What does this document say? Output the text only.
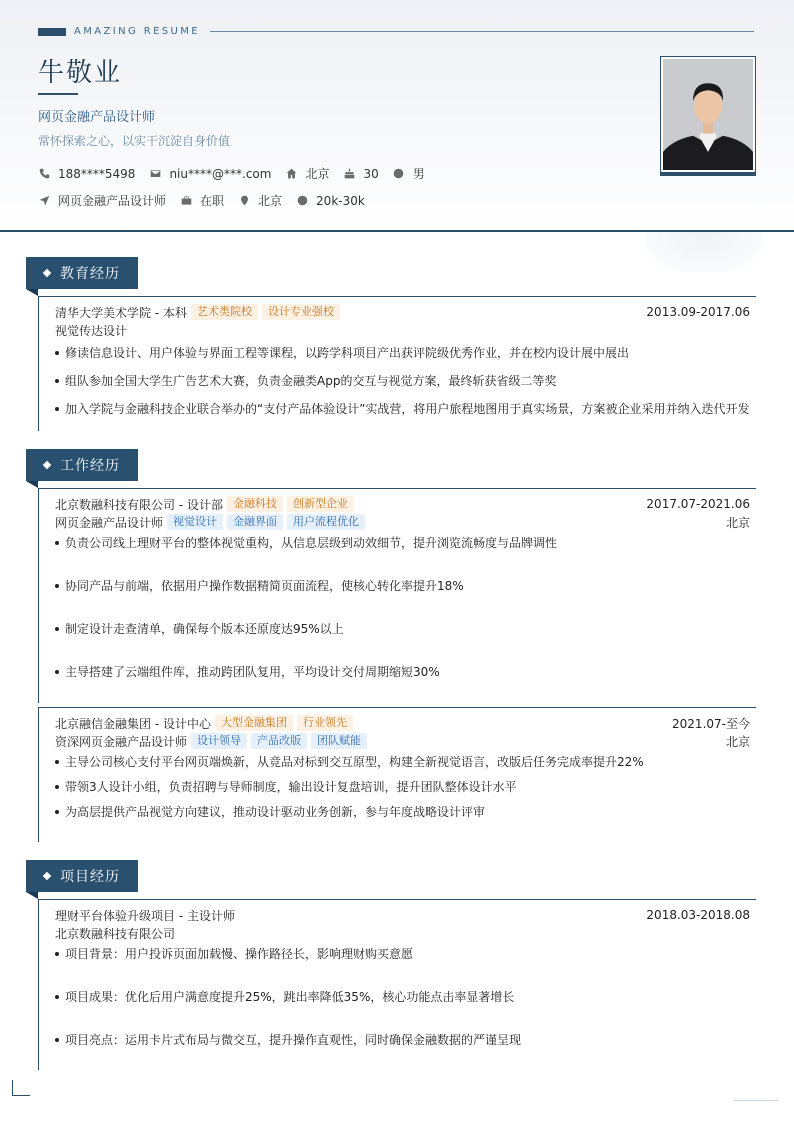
AMAZING RESUME
牛敬业
网页金融产品设计师
常怀探索之心，以实干沉淀自身价值
188****5498	niu****@***.com	北京	30	男
网页金融产品设计师	在职	北京	20k-30k
教育经历
清华大学美术学院 - 本科 艺术类院校	设计专业强校	2013.09-2017.06
视觉传达设计
修读信息设计、用户体验与界面工程等课程，以跨学科项目产出获评院级优秀作业，并在校内设计展中展出
组队参加全国大学生广告艺术大赛，负责金融类App的交互与视觉方案，最终斩获省级二等奖
加入学院与金融科技企业联合举办的“支付产品体验设计”实战营，将用户旅程地图用于真实场景，方案被企业采用并纳入迭代开发
工作经历
北京数融科技有限公司 - 设计部 金融科技	创新型企业	2017.07-2021.06
网页金融产品设计师 视觉设计	金融界面	用户流程优化	北京
负责公司线上理财平台的整体视觉重构，从信息层级到动效细节，提升浏览流畅度与品牌调性
协同产品与前端，依据用户操作数据精简页面流程，使核心转化率提升18%
制定设计走查清单，确保每个版本还原度达95%以上
主导搭建了云端组件库，推动跨团队复用，平均设计交付周期缩短30%
北京融信金融集团 - 设计中心 大型金融集团	行业领先	2021.07-至今
资深网页金融产品设计师 设计领导	产品改版	团队赋能	北京
主导公司核心支付平台网页端焕新，从竞品对标到交互原型，构建全新视觉语言，改版后任务完成率提升22%
带领3人设计小组，负责招聘与导师制度，输出设计复盘培训，提升团队整体设计水平
为高层提供产品视觉方向建议，推动设计驱动业务创新，参与年度战略设计评审
项目经历
理财平台体验升级项目 - 主设计师	2018.03-2018.08
北京数融科技有限公司
项目背景：用户投诉页面加载慢、操作路径长，影响理财购买意愿
项目成果：优化后用户满意度提升25%，跳出率降低35%，核心功能点击率显著增长
项目亮点：运用卡片式布局与微交互，提升操作直观性，同时确保金融数据的严谨呈现
